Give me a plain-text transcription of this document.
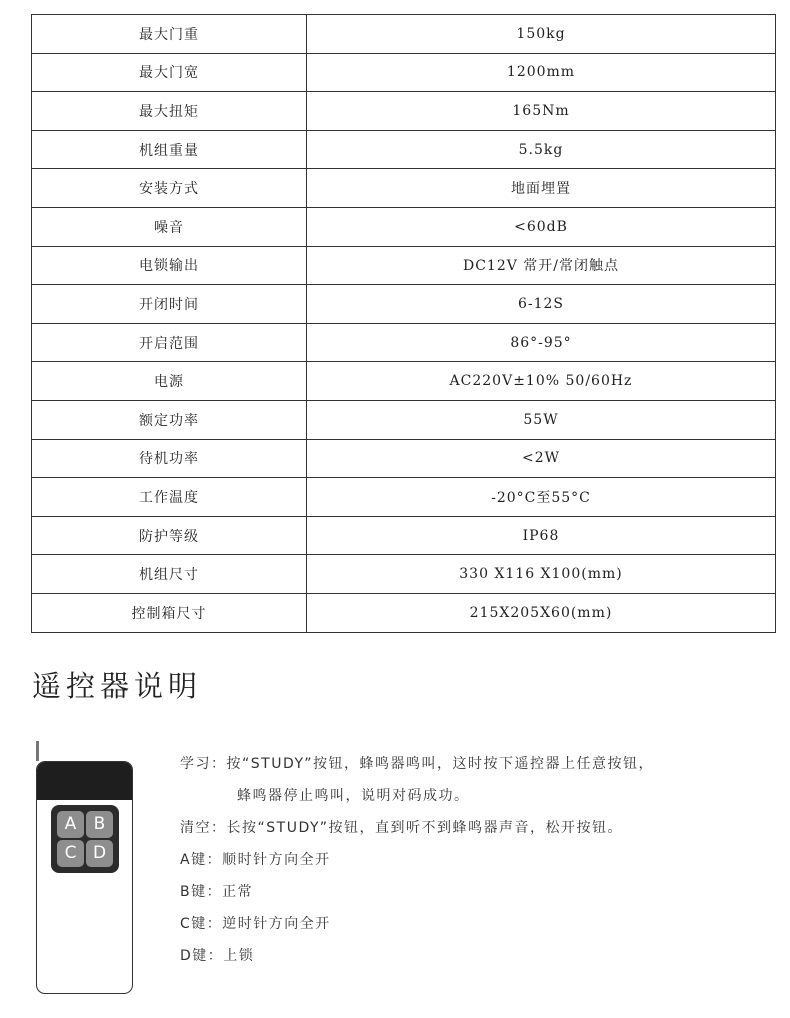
最大门重	150kg
最大门宽	1200mm
最大扭矩	165Nm
机组重量	5.5kg
安装方式	地面埋置
噪音	<60dB
电锁输出	DC12V 常开/常闭触点
开闭时间	6-12S
开启范围	86°-95°
电源	AC220V±10% 50/60Hz
额定功率	55W
待机功率	<2W
工作温度	-20°C至55°C
防护等级	IP68
机组尺寸	330 X116 X100(mm)
控制箱尺寸	215X205X60(mm)
遥控器说明
A	B
C D
学习：按“STUDY”按钮，蜂鸣器鸣叫，这时按下遥控器上任意按钮，
蜂鸣器停止鸣叫，说明对码成功。
清空：长按“STUDY”按钮，直到听不到蜂鸣器声音，松开按钮。
A键：顺时针方向全开
B键：正常
C键：逆时针方向全开
D键：上锁
